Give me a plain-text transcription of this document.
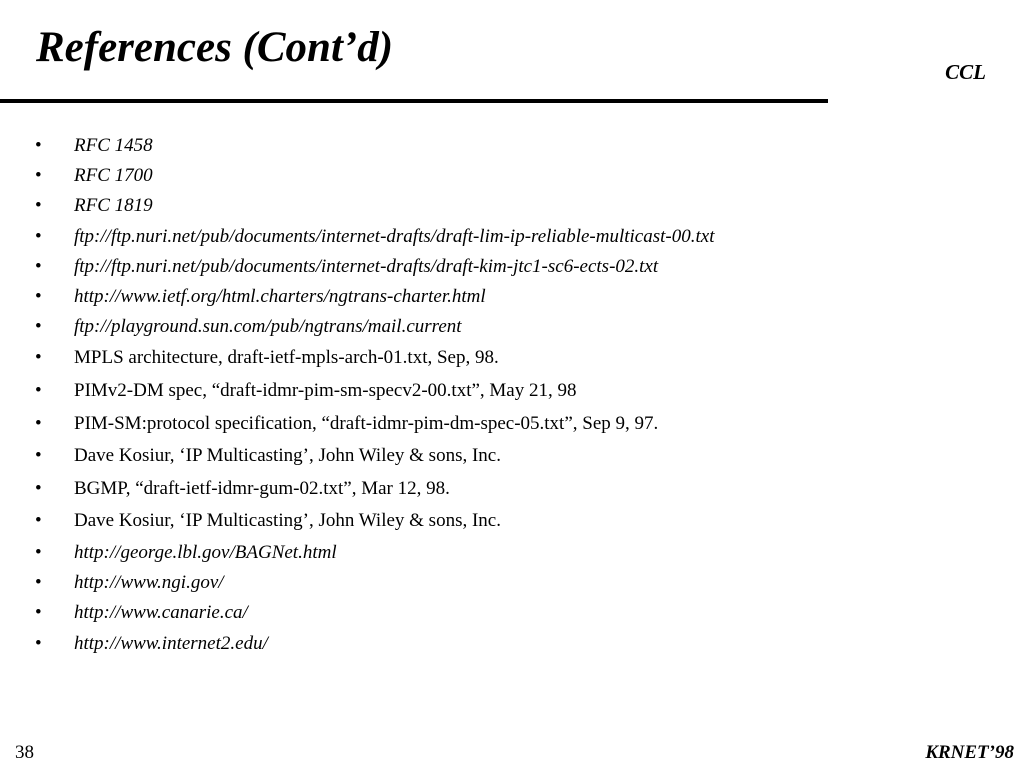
References (Cont’d)
CCL
•	RFC 1458
•	RFC 1700
•	RFC 1819
•	ftp://ftp.nuri.net/pub/documents/internet-drafts/draft-lim-ip-reliable-multicast-00.txt
•	ftp://ftp.nuri.net/pub/documents/internet-drafts/draft-kim-jtc1-sc6-ects-02.txt
•	http://www.ietf.org/html.charters/ngtrans-charter.html
•	ftp://playground.sun.com/pub/ngtrans/mail.current
•	MPLS architecture, draft-ietf-mpls-arch-01.txt, Sep, 98.
•	PIMv2-DM spec, “draft-idmr-pim-sm-specv2-00.txt”, May 21, 98
•	PIM-SM:protocol specification, “draft-idmr-pim-dm-spec-05.txt”, Sep 9, 97.
•	Dave Kosiur, ‘IP Multicasting’, John Wiley & sons, Inc.
•	BGMP, “draft-ietf-idmr-gum-02.txt”, Mar 12, 98.
•	Dave Kosiur, ‘IP Multicasting’, John Wiley & sons, Inc.
•	http://george.lbl.gov/BAGNet.html
•	http://www.ngi.gov/
•	http://www.canarie.ca/
•	http://www.internet2.edu/
38	KRNET’98
